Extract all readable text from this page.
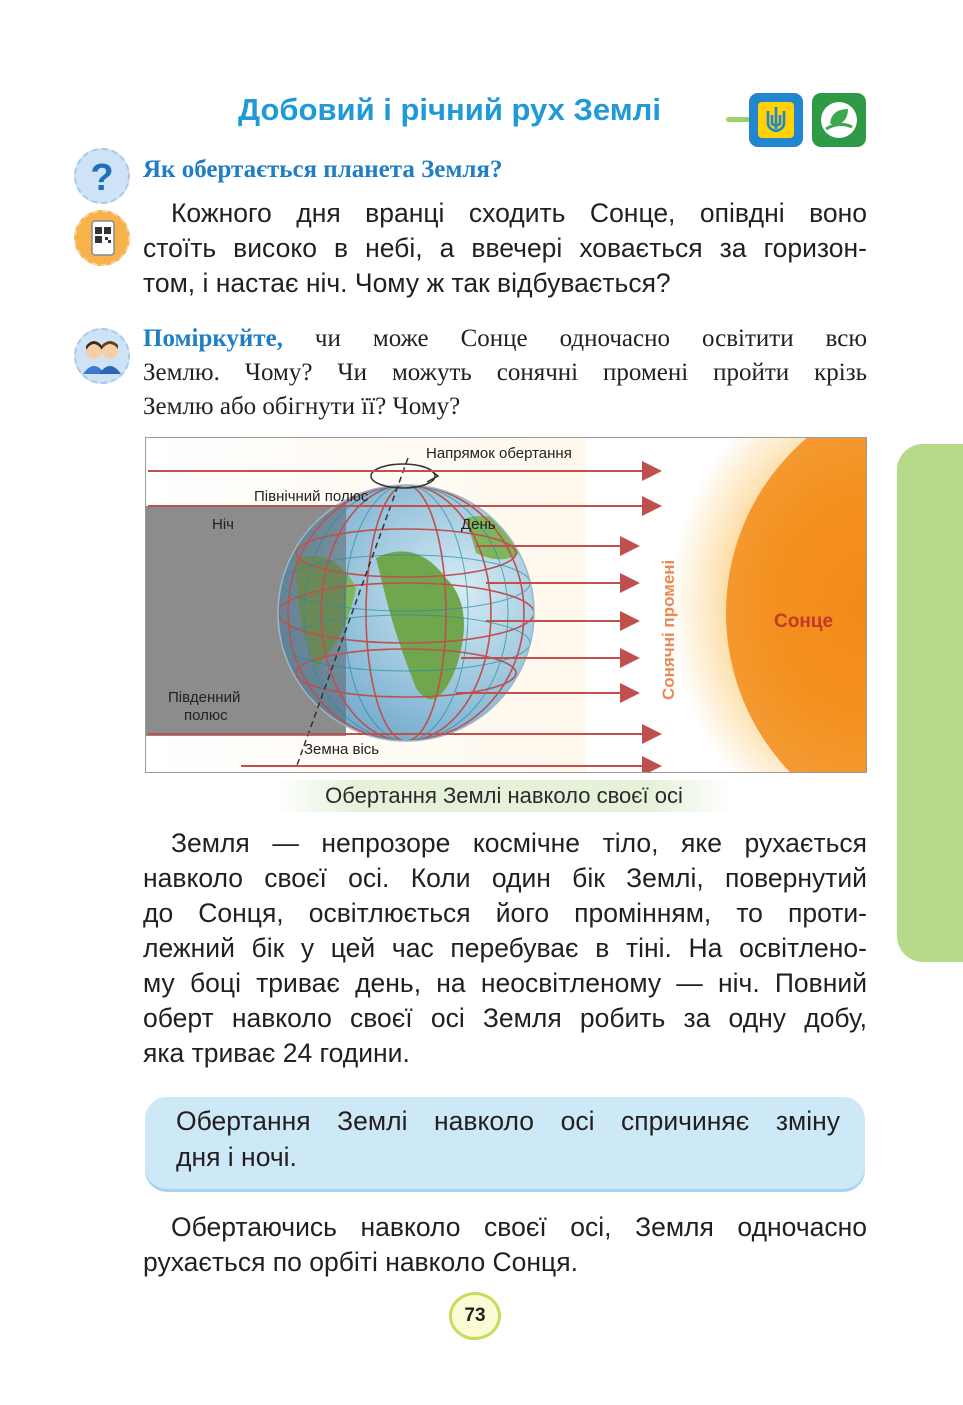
Добовий і річний рух Землі
? Як обертається планета Земля?
Кожного дня вранці сходить Сонце, опівдні воно
стоїть високо в небі, а ввечері ховається за горизон-
том, і настає ніч. Чому ж так відбувається?
Поміркуйте, чи може Сонце одночасно освітити всю
Землю. Чому? Чи можуть сонячні промені пройти крізь
Землю або обігнути її? Чому?
Напрямок обертання
Північний полюс
Ніч	День
Південний
полюс
Земна вісь
Сонячні промені	Сонце
Обертання Землі навколо своєї осі
Земля — непрозоре космічне тіло, яке рухається
навколо своєї осі. Коли один бік Землі, повернутий
до Сонця, освітлюється його промінням, то проти-
лежний бік у цей час перебуває в тіні. На освітлено-
му боці триває день, на неосвітленому — ніч. Повний
оберт навколо своєї осі Земля робить за одну добу,
яка триває 24 години.
Обертання Землі навколо осі спричиняє зміну
дня і ночі.
Обертаючись навколо своєї осі, Земля одночасно
рухається по орбіті навколо Сонця.
73
